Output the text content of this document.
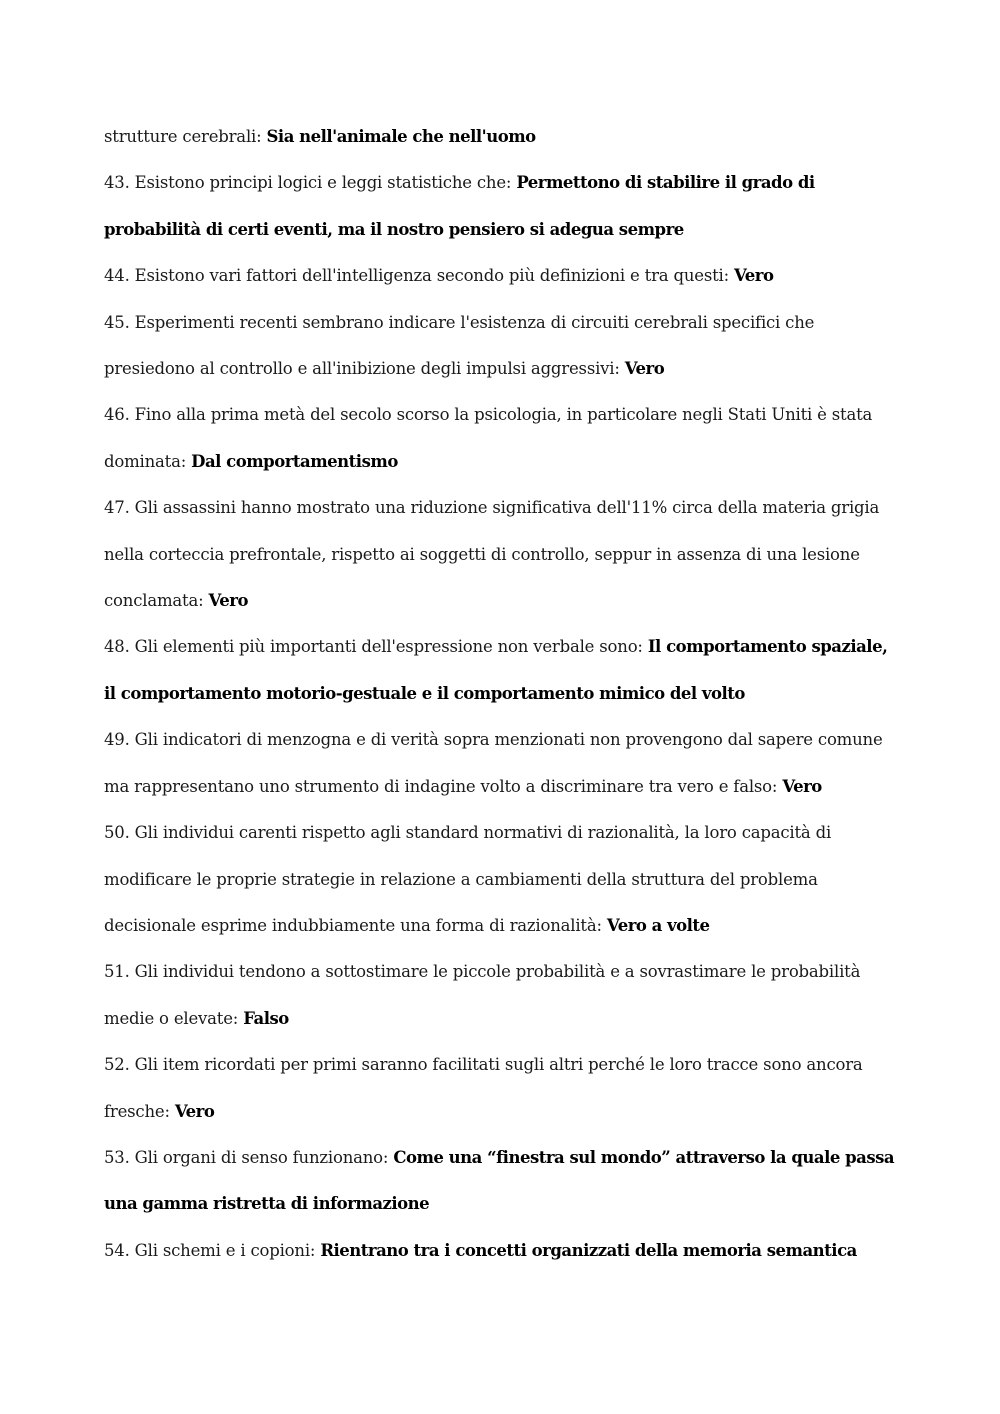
strutture cerebrali: Sia nell'animale che nell'uomo

43. Esistono principi logici e leggi statistiche che: Permettono di stabilire il grado di probabilità di certi eventi, ma il nostro pensiero si adegua sempre

44. Esistono vari fattori dell'intelligenza secondo più definizioni e tra questi: Vero

45. Esperimenti recenti sembrano indicare l'esistenza di circuiti cerebrali specifici che presiedono al controllo e all'inibizione degli impulsi aggressivi: Vero

46. Fino alla prima metà del secolo scorso la psicologia, in particolare negli Stati Uniti è stata dominata: Dal comportamentismo

47. Gli assassini hanno mostrato una riduzione significativa dell'11% circa della materia grigia nella corteccia prefrontale, rispetto ai soggetti di controllo, seppur in assenza di una lesione conclamata: Vero

48. Gli elementi più importanti dell'espressione non verbale sono: Il comportamento spaziale, il comportamento motorio-gestuale e il comportamento mimico del volto

49. Gli indicatori di menzogna e di verità sopra menzionati non provengono dal sapere comune ma rappresentano uno strumento di indagine volto a discriminare tra vero e falso: Vero

50. Gli individui carenti rispetto agli standard normativi di razionalità, la loro capacità di modificare le proprie strategie in relazione a cambiamenti della struttura del problema decisionale esprime indubbiamente una forma di razionalità: Vero a volte

51. Gli individui tendono a sottostimare le piccole probabilità e a sovrastimare le probabilità medie o elevate: Falso

52. Gli item ricordati per primi saranno facilitati sugli altri perché le loro tracce sono ancora fresche: Vero

53. Gli organi di senso funzionano: Come una “finestra sul mondo” attraverso la quale passa una gamma ristretta di informazione

54. Gli schemi e i copioni: Rientrano tra i concetti organizzati della memoria semantica
